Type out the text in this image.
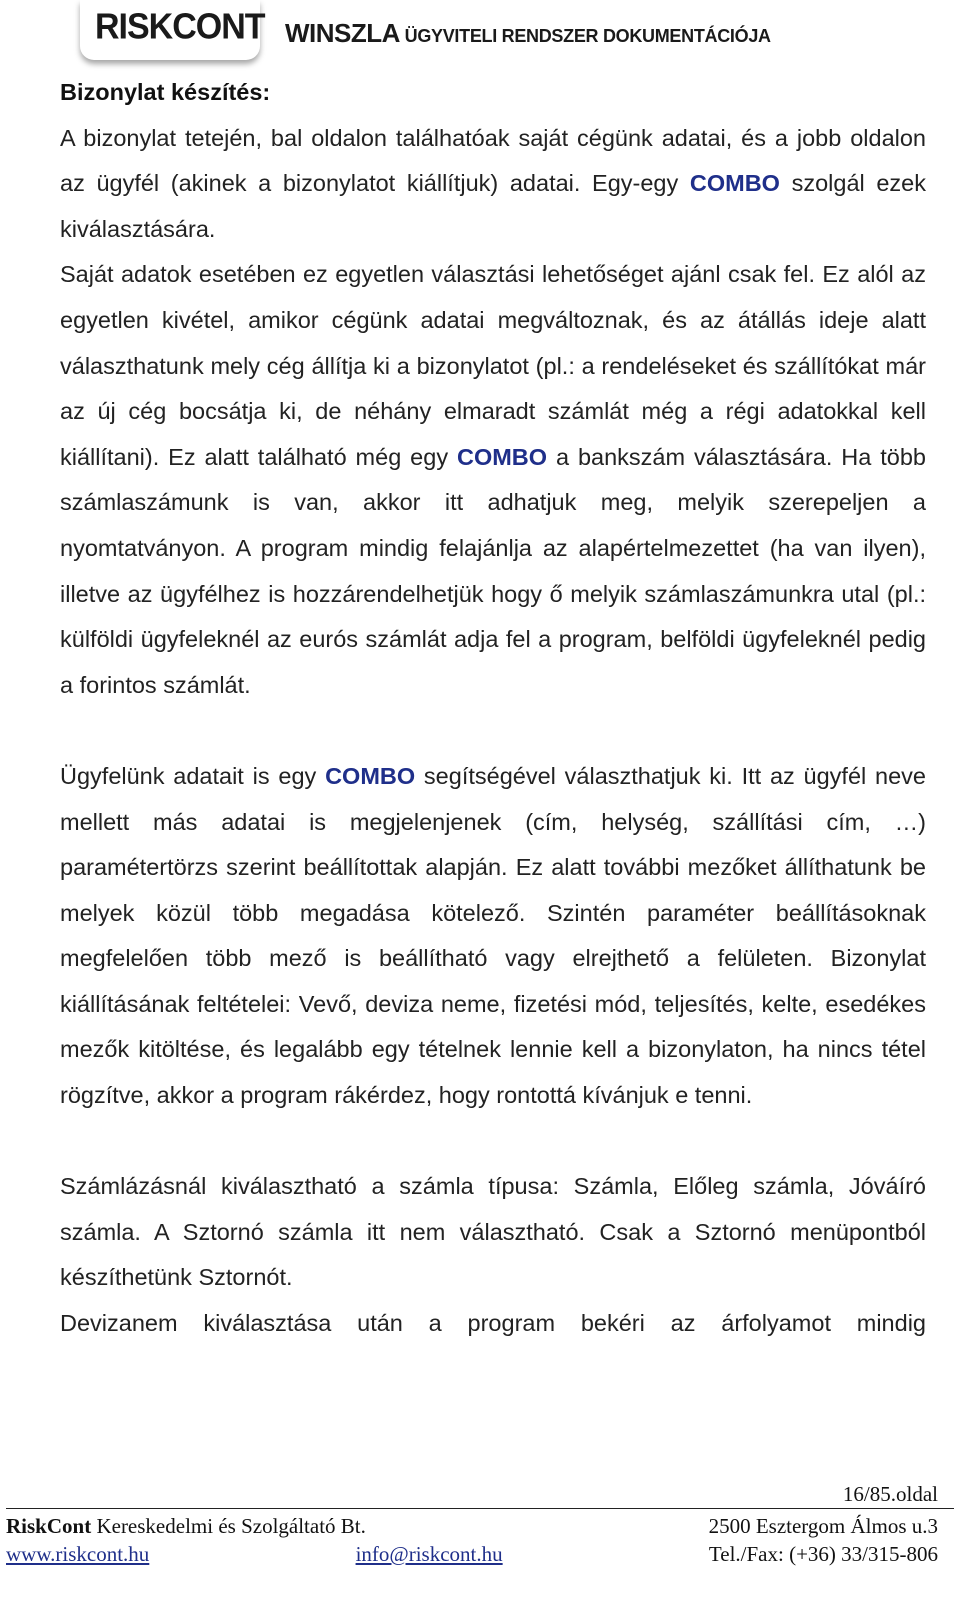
RISKCONT WINSZLA ÜGYVITELI RENDSZER DOKUMENTÁCIÓJA
Bizonylat készítés:

A bizonylat tetején, bal oldalon találhatóak saját cégünk adatai, és a jobb oldalon az ügyfél (akinek a bizonylatot kiállítjuk) adatai. Egy-egy COMBO szolgál ezek kiválasztására.

Saját adatok esetében ez egyetlen választási lehetőséget ajánl csak fel. Ez alól az egyetlen kivétel, amikor cégünk adatai megváltoznak, és az átállás ideje alatt választhatunk mely cég állítja ki a bizonylatot (pl.: a rendeléseket és szállítókat már az új cég bocsátja ki, de néhány elmaradt számlát még a régi adatokkal kell kiállítani). Ez alatt található még egy COMBO a bankszám választására. Ha több számlaszámunk is van, akkor itt adhatjuk meg, melyik szerepeljen a nyomtatványon. A program mindig felajánlja az alapértelmezettet (ha van ilyen), illetve az ügyfélhez is hozzárendelhetjük hogy ő melyik számlaszámunkra utal (pl.: külföldi ügyfeleknél az eurós számlát adja fel a program, belföldi ügyfeleknél pedig a forintos számlát.

Ügyfelünk adatait is egy COMBO segítségével választhatjuk ki. Itt az ügyfél neve mellett más adatai is megjelenjenek (cím, helység, szállítási cím, …) paramétertörzs szerint beállítottak alapján. Ez alatt további mezőket állíthatunk be melyek közül több megadása kötelező. Szintén paraméter beállításoknak megfelelően több mező is beállítható vagy elrejthető a felületen. Bizonylat kiállításának feltételei: Vevő, deviza neme, fizetési mód, teljesítés, kelte, esedékes mezők kitöltése, és legalább egy tételnek lennie kell a bizonylaton, ha nincs tétel rögzítve, akkor a program rákérdez, hogy rontottá kívánjuk e tenni.

Számlázásnál kiválasztható a számla típusa: Számla, Előleg számla, Jóváíró számla. A Sztornó számla itt nem választható. Csak a Sztornó menüpontból készíthetünk Sztornót.

Devizanem kiválasztása után a program bekéri az árfolyamot mindig

16/85.oldal
RiskCont Kereskedelmi és Szolgáltató Bt.	2500 Esztergom Álmos u.3
www.riskcont.hu	info@riskcont.hu	Tel./Fax: (+36) 33/315-806
